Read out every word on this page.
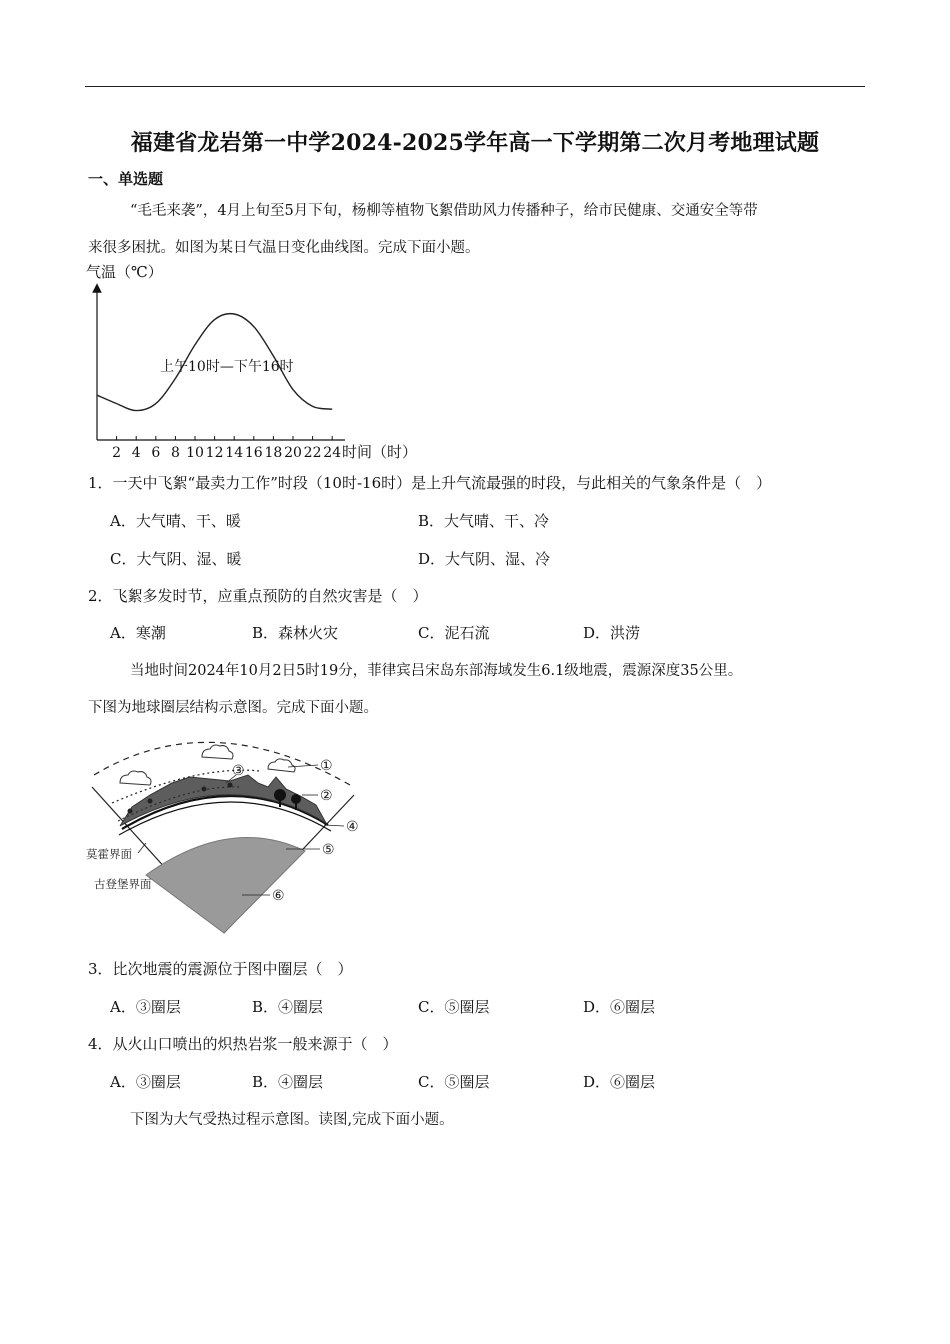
福建省龙岩第一中学2024-2025学年高一下学期第二次月考地理试题
一、单选题
“毛毛来袭”，4月上旬至5月下旬，杨柳等植物飞絮借助风力传播种子，给市民健康、交通安全等带
来很多困扰。如图为某日气温日变化曲线图。完成下面小题。
气温（℃）
2 4 6 8 10 12 14 16 18 20 22 24
上午10时—下午16时
时间（时）
1．一天中飞絮“最卖力工作”时段（10时-16时）是上升气流最强的时段，与此相关的气象条件是（　）
A．大气晴、干、暖	B．大气晴、干、冷
C．大气阴、湿、暖	D．大气阴、湿、冷
2．飞絮多发时节，应重点预防的自然灾害是（　）
A．寒潮	B．森林火灾	C．泥石流	D．洪涝
当地时间2024年10月2日5时19分，菲律宾吕宋岛东部海域发生6.1级地震，震源深度35公里。
下图为地球圈层结构示意图。完成下面小题。
①
②
③
④
⑤
⑥
莫霍界面
古登堡界面
3．比次地震的震源位于图中圈层（　）
A．③圈层	B．④圈层	C．⑤圈层	D．⑥圈层
4．从火山口喷出的炽热岩浆一般来源于（　）
A．③圈层	B．④圈层	C．⑤圈层	D．⑥圈层
下图为大气受热过程示意图。读图,完成下面小题。
